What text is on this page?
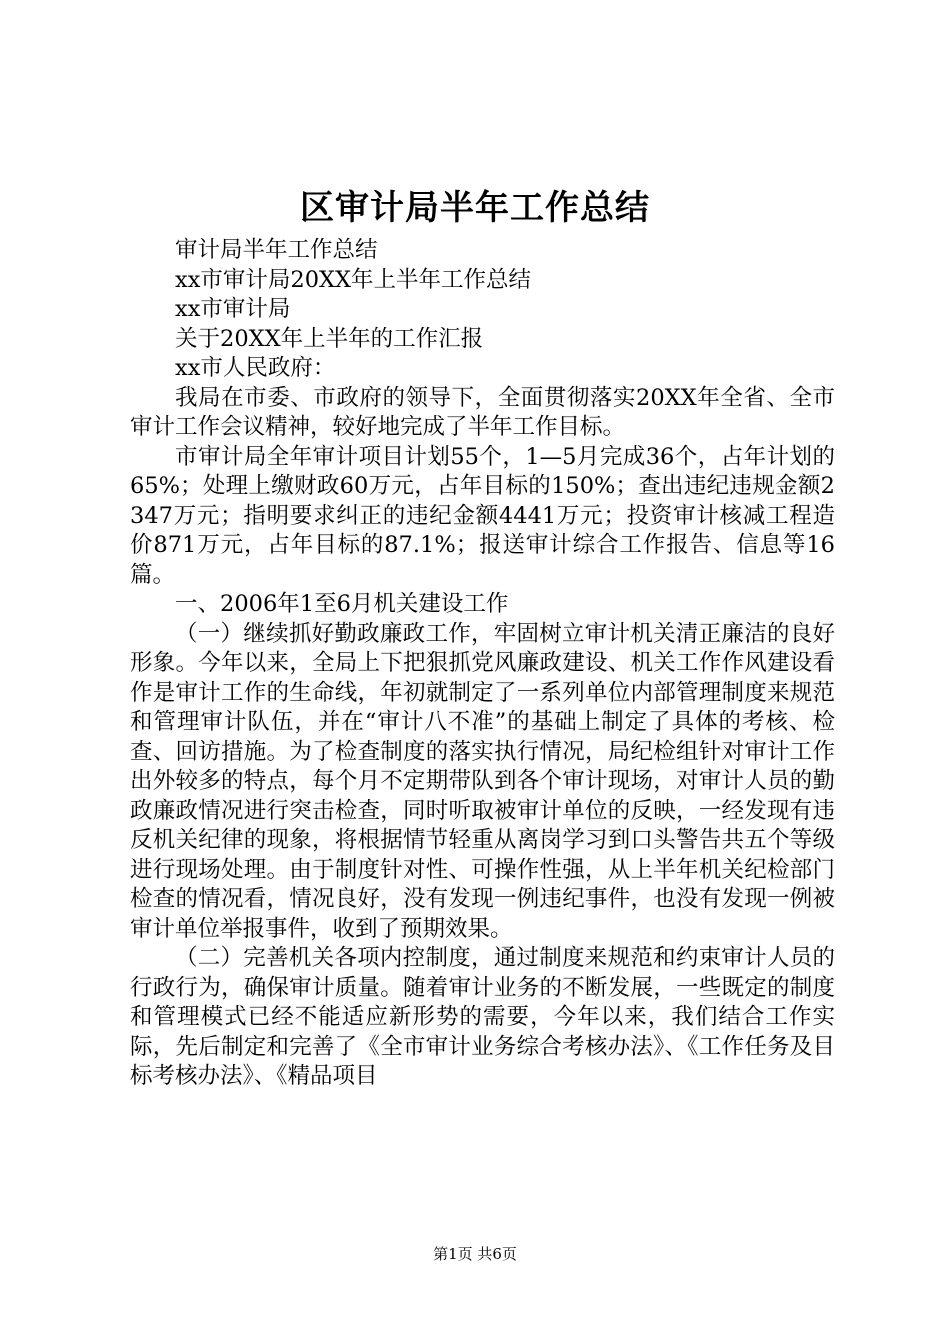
区审计局半年工作总结

审计局半年工作总结

xx市审计局20XX年上半年工作总结

xx市审计局

关于20XX年上半年的工作汇报

xx市人民政府：

我局在市委、市政府的领导下，全面贯彻落实20XX年全省、全市审计工作会议精神，较好地完成了半年工作目标。

市审计局全年审计项目计划55个，1—5月完成36个，占年计划的65%；处理上缴财政60万元，占年目标的150%；查出违纪违规金额2347万元；指明要求纠正的违纪金额4441万元；投资审计核减工程造价871万元，占年目标的87.1%；报送审计综合工作报告、信息等16篇。

一、2006年1至6月机关建设工作

（一）继续抓好勤政廉政工作，牢固树立审计机关清正廉洁的良好形象。今年以来，全局上下把狠抓党风廉政建设、机关工作作风建设看作是审计工作的生命线，年初就制定了一系列单位内部管理制度来规范和管理审计队伍，并在“审计八不准”的基础上制定了具体的考核、检查、回访措施。为了检查制度的落实执行情况，局纪检组针对审计工作出外较多的特点，每个月不定期带队到各个审计现场，对审计人员的勤政廉政情况进行突击检查，同时听取被审计单位的反映，一经发现有违反机关纪律的现象，将根据情节轻重从离岗学习到口头警告共五个等级进行现场处理。由于制度针对性、可操作性强，从上半年机关纪检部门检查的情况看，情况良好，没有发现一例违纪事件，也没有发现一例被审计单位举报事件，收到了预期效果。

（二）完善机关各项内控制度，通过制度来规范和约束审计人员的行政行为，确保审计质量。随着审计业务的不断发展，一些既定的制度和管理模式已经不能适应新形势的需要，今年以来，我们结合工作实际，先后制定和完善了《全市审计业务综合考核办法》、《工作任务及目标考核办法》、《精品项目

第1页 共6页
